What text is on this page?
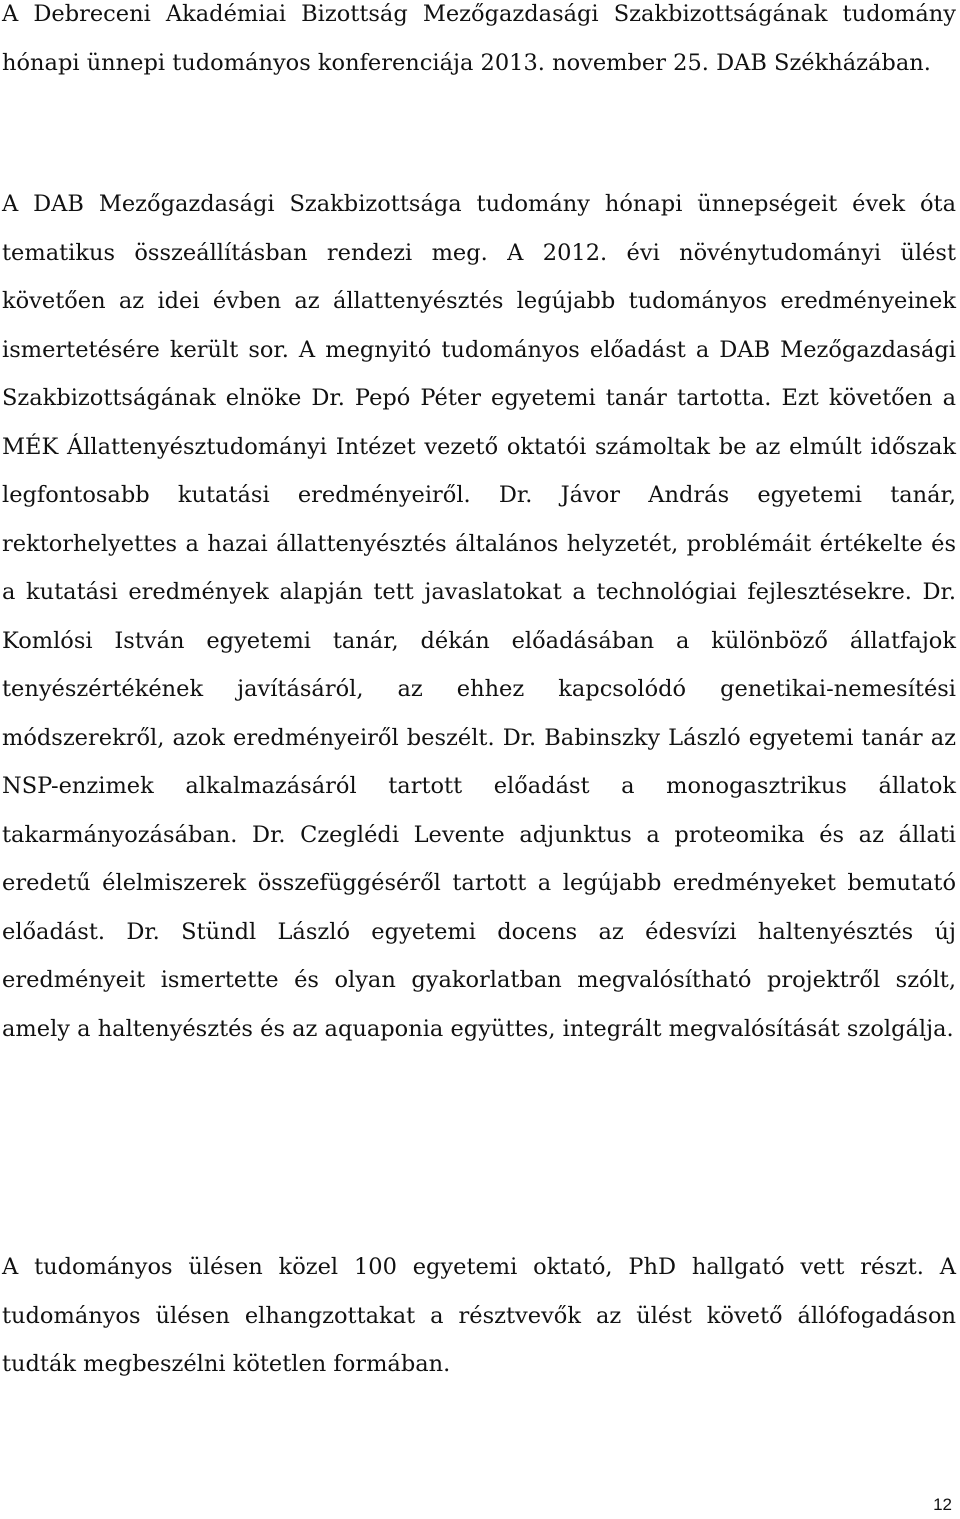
A Debreceni Akadémiai Bizottság Mezőgazdasági Szakbizottságának tudomány hónapi ünnepi tudományos konferenciája 2013. november 25. DAB Székházában.

A DAB Mezőgazdasági Szakbizottsága tudomány hónapi ünnepségeit évek óta tematikus összeállításban rendezi meg. A 2012. évi növénytudományi ülést követően az idei évben az állattenyésztés legújabb tudományos eredményeinek ismertetésére került sor. A megnyitó tudományos előadást a DAB Mezőgazdasági Szakbizottságának elnöke Dr. Pepó Péter egyetemi tanár tartotta. Ezt követően a MÉK Állattenyésztudományi Intézet vezető oktatói számoltak be az elmúlt időszak legfontosabb kutatási eredményeiről. Dr. Jávor András egyetemi tanár, rektorhelyettes a hazai állattenyésztés általános helyzetét, problémáit értékelte és a kutatási eredmények alapján tett javaslatokat a technológiai fejlesztésekre. Dr. Komlósi István egyetemi tanár, dékán előadásában a különböző állatfajok tenyészértékének javításáról, az ehhez kapcsolódó genetikai-nemesítési módszerekről, azok eredményeiről beszélt. Dr. Babinszky László egyetemi tanár az NSP-enzimek alkalmazásáról tartott előadást a monogasztrikus állatok takarmányozásában. Dr. Czeglédi Levente adjunktus a proteomika és az állati eredetű élelmiszerek összefüggéséről tartott a legújabb eredményeket bemutató előadást. Dr. Stündl László egyetemi docens az édesvízi haltenyésztés új eredményeit ismertette és olyan gyakorlatban megvalósítható projektről szólt, amely a haltenyésztés és az aquaponia együttes, integrált megvalósítását szolgálja.

A tudományos ülésen közel 100 egyetemi oktató, PhD hallgató vett részt. A tudományos ülésen elhangzottakat a résztvevők az ülést követő állófogadáson tudták megbeszélni kötetlen formában.

12
